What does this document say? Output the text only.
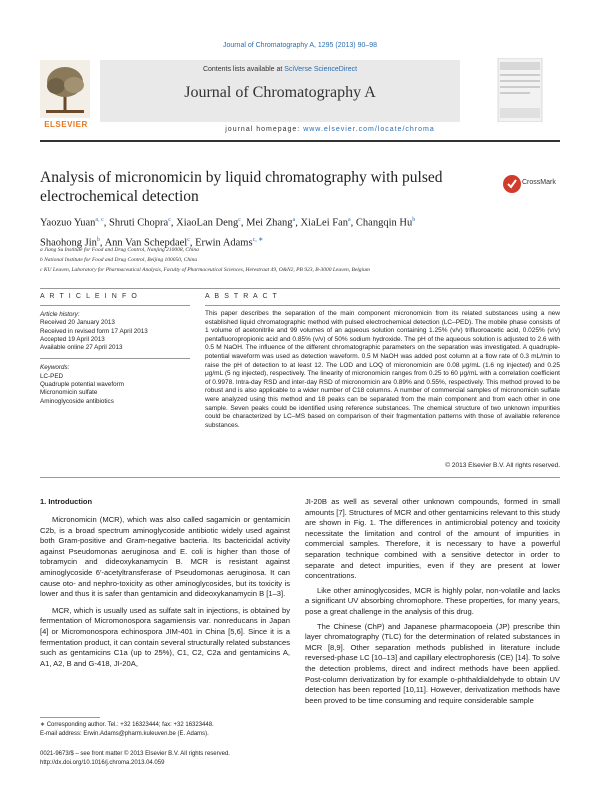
Journal of Chromatography A, 1295 (2013) 90–98
ELSEVIER
Contents lists available at SciVerse ScienceDirect
Journal of Chromatography A
journal homepage: www.elsevier.com/locate/chroma
Analysis of micronomicin by liquid chromatography with pulsed
electrochemical detection
CrossMark
Yaozuo Yuan$^{a, c}$, Shruti Chopra$^c$, XiaoLan Deng$^c$, Mei Zhang$^a$, XiaLei Fan$^a$, Changqin Hu$^b$
Shaohong Jin$^b$, Ann Van Schepdael$^c$, Erwin Adams$^{c, ∗}$
a Jiang Su Institute for Food and Drug Control, Nanjing 210008, China
b National Institute for Food and Drug Control, Beijing 100050, China
c KU Leuven, Laboratory for Pharmaceutical Analysis, Faculty of Pharmaceutical Sciences, Herestraat 49, O&N2, PB 923, B-3000 Leuven, Belgium
A R T I C L E I N F O	A B S T R A C T
Article history:
Received 20 January 2013
Received in revised form 17 April 2013
Accepted 19 April 2013
Available online 27 April 2013
Keywords:
LC-PED
Quadruple potential waveform
Micronomicin sulfate
Aminoglycoside antibiotics
This paper describes the separation of the main component micronomicin from its related substances using a new established liquid chromatographic method with pulsed electrochemical detection (LC–PED). The mobile phase consists of 1 volume of acetonitrile and 99 volumes of an aqueous solution containing 1.25% (v/v) trifluoroacetic acid, 0.025% (v/v) pentafluoropropionic acid and 0.85% (v/v) of 50% sodium hydroxide. The pH of the aqueous solution is adjusted to 2.6 with 0.5 M NaOH. The influence of the different chromatographic parameters on the separation was investigated. A quadruple-potential waveform was used as detection waveform. 0.5 M NaOH was added post column at a flow rate of 0.3 mL/min to raise the pH of detection to at least 12. The LOD and LOQ of micronomicin are 0.08 μg/mL (1.6 ng injected) and 0.25 μg/mL (5 ng injected), respectively. The linearity of micronomicin ranges from 0.25 to 60 μg/mL with a correlation coefficient of 0.9978. Intra-day RSD and inter-day RSD of micronomicin are 0.89% and 0.55%, respectively. This method proved to be robust and is also applicable to a wider number of C18 columns. A number of commercial samples of micronomicin sulfate were analyzed using this method and 18 peaks can be separated from the main component and from each other in one sample. Seven peaks could be identified using reference substances. The chemical structure of two unknown impurities could be characterized by LC–MS based on comparison of their fragmentation patterns with those of available reference substances.
© 2013 Elsevier B.V. All rights reserved.
1. Introduction

Micronomicin (MCR), which was also called sagamicin or gentamicin C2b, is a broad spectrum aminoglycoside antibiotic widely used against both Gram-positive and Gram-negative bacteria. Its bactericidal activity against Pseudomonas aeruginosa and E. coli is higher than those of tobramycin and dideoxykanamycin B. MCR is resistant against aminoglycoside 6′-acetyltransferase of Pseudomonas aeruginosa. It can cause oto- and nephro-toxicity as other aminoglycosides, but its toxicity is lower and thus it is safer than gentamicin and dideoxykanamycin B [1–3].

MCR, which is usually used as sulfate salt in injections, is obtained by fermentation of Micromonospora sagamiensis var. nonreducans in Japan [4] or Micromonospora echinospora JIM-401 in China [5,6]. Since it is a fermentation product, it can contain several structurally related substances such as gentamicins C1a (up to 25%), C1, C2, C2a and gentamicins A, A1, A2, B and G-418, JI-20A,

JI-20B as well as several other unknown compounds, formed in small amounts [7]. Structures of MCR and other gentamicins relevant to this study are shown in Fig. 1. The differences in antimicrobial potency and toxicity necessitate the limitation and control of the amount of impurities in commercial samples. Therefore, it is necessary to have a powerful separation technique combined with a sensitive detector in order to separate and detect impurities, even if they are present at lower concentrations.

Like other aminoglycosides, MCR is highly polar, non-volatile and lacks a significant UV absorbing chromophore. These properties, for many years, pose a great challenge in the analysis of this drug.

The Chinese (ChP) and Japanese pharmacopoeia (JP) prescribe thin layer chromatography (TLC) for the determination of related substances in MCR [8,9]. Other separation methods published in literature include reversed-phase LC [10–13] and capillary electrophoresis (CE) [14]. To solve the detection problems, direct and indirect methods have been applied. Post-column derivatization by for example o-phthaldialdehyde to obtain UV detection has been reported [10,11]. However, derivatization methods have been proved to be time consuming and require considerable sample

∗ Corresponding author. Tel.: +32 16323444; fax: +32 16323448.
E-mail address: Erwin.Adams@pharm.kuleuven.be (E. Adams).
0021-9673/$ – see front matter © 2013 Elsevier B.V. All rights reserved.
http://dx.doi.org/10.1016/j.chroma.2013.04.059
